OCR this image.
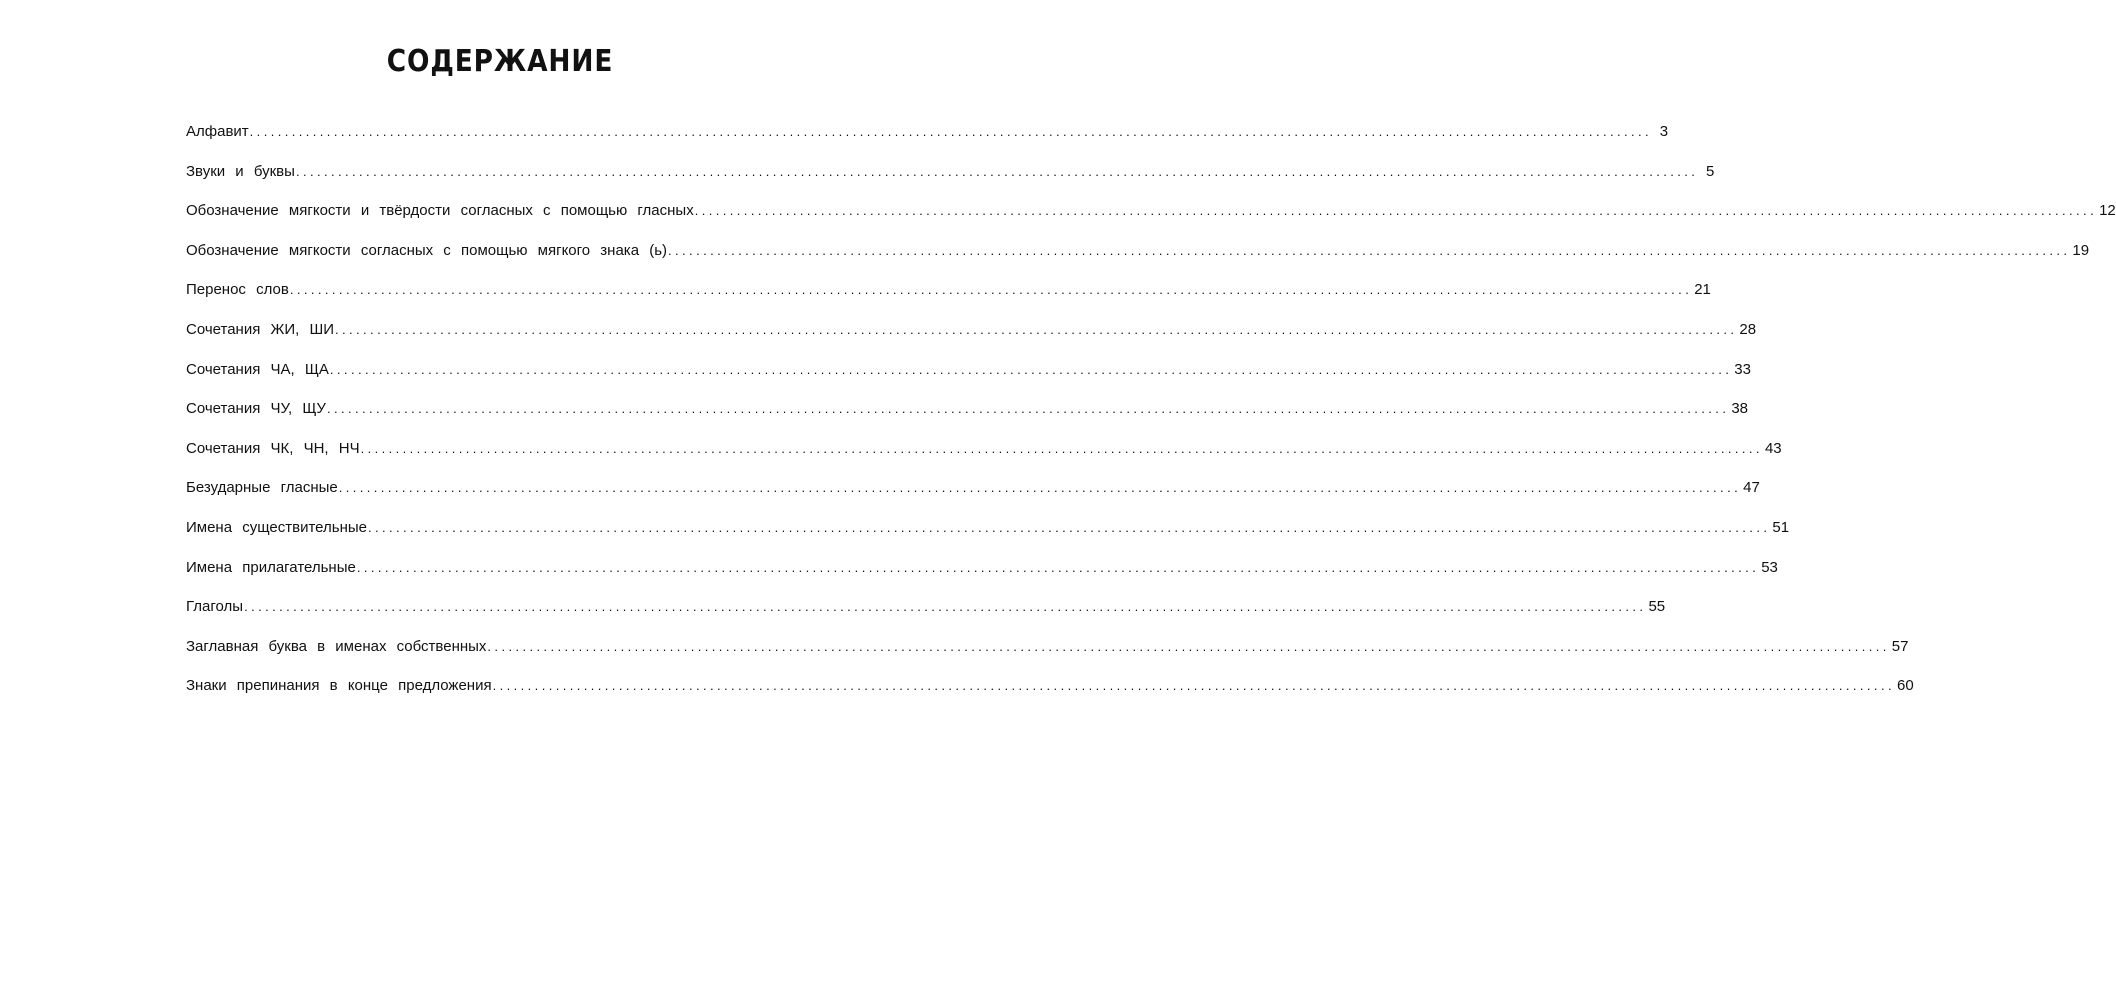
СОДЕРЖАНИЕ
Алфавит ........................................................................................................................................................................................................ 3
Звуки и буквы ........................................................................................................................................................................................................ 5
Обозначение мягкости и твёрдости согласных с помощью гласных ........................................................................................................................................................................................................ 12
Обозначение мягкости согласных с помощью мягкого знака (ь) ........................................................................................................................................................................................................ 19
Перенос слов ........................................................................................................................................................................................................ 21
Сочетания ЖИ, ШИ ........................................................................................................................................................................................................ 28
Сочетания ЧА, ЩА ........................................................................................................................................................................................................ 33
Сочетания ЧУ, ЩУ ........................................................................................................................................................................................................ 38
Сочетания ЧК, ЧН, НЧ ........................................................................................................................................................................................................ 43
Безударные гласные ........................................................................................................................................................................................................ 47
Имена существительные ........................................................................................................................................................................................................ 51
Имена прилагательные ........................................................................................................................................................................................................ 53
Глаголы ........................................................................................................................................................................................................ 55
Заглавная буква в именах собственных ........................................................................................................................................................................................................ 57
Знаки препинания в конце предложения ........................................................................................................................................................................................................ 60
